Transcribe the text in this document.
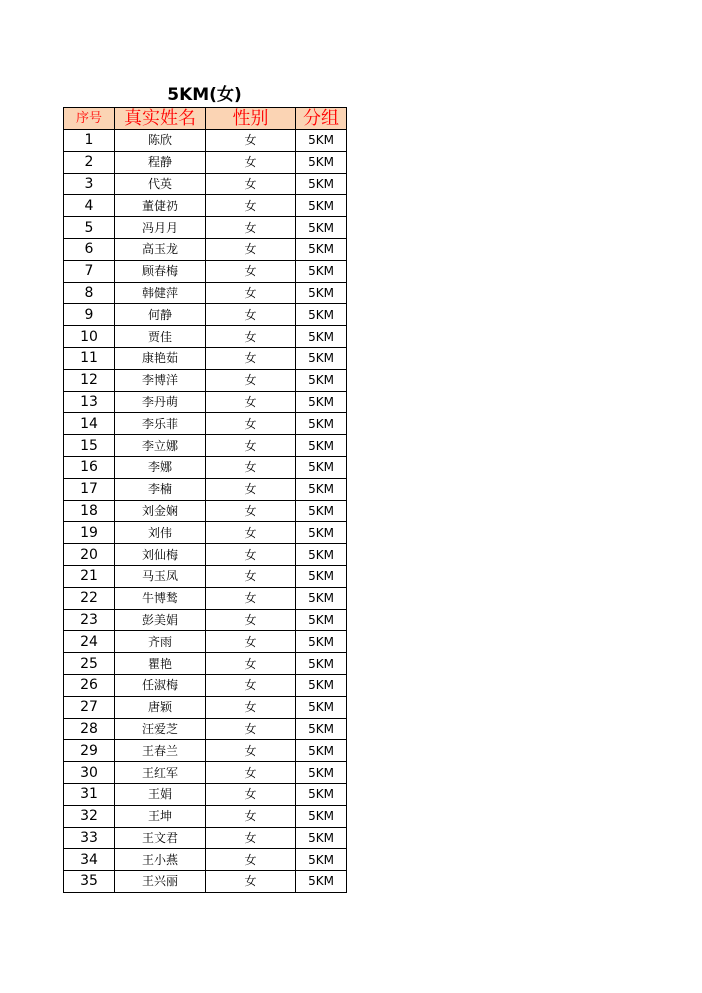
5KM(女)
序号	真实姓名	性别	分组
1	陈欣	女	5KM
2	程静	女	5KM
3	代英	女	5KM
4	董倢礽	女	5KM
5	冯月月	女	5KM
6	高玉龙	女	5KM
7	顾春梅	女	5KM
8	韩健萍	女	5KM
9	何静	女	5KM
10	贾佳	女	5KM
11	康艳茹	女	5KM
12	李博洋	女	5KM
13	李丹萌	女	5KM
14	李乐菲	女	5KM
15	李立娜	女	5KM
16	李娜	女	5KM
17	李楠	女	5KM
18	刘金娴	女	5KM
19	刘伟	女	5KM
20	刘仙梅	女	5KM
21	马玉凤	女	5KM
22	牛博鹙	女	5KM
23	彭美娟	女	5KM
24	齐雨	女	5KM
25	瞿艳	女	5KM
26	任淑梅	女	5KM
27	唐颖	女	5KM
28	汪爱芝	女	5KM
29	王春兰	女	5KM
30	王红军	女	5KM
31	王娟	女	5KM
32	王坤	女	5KM
33	王文君	女	5KM
34	王小燕	女	5KM
35	王兴丽	女	5KM
